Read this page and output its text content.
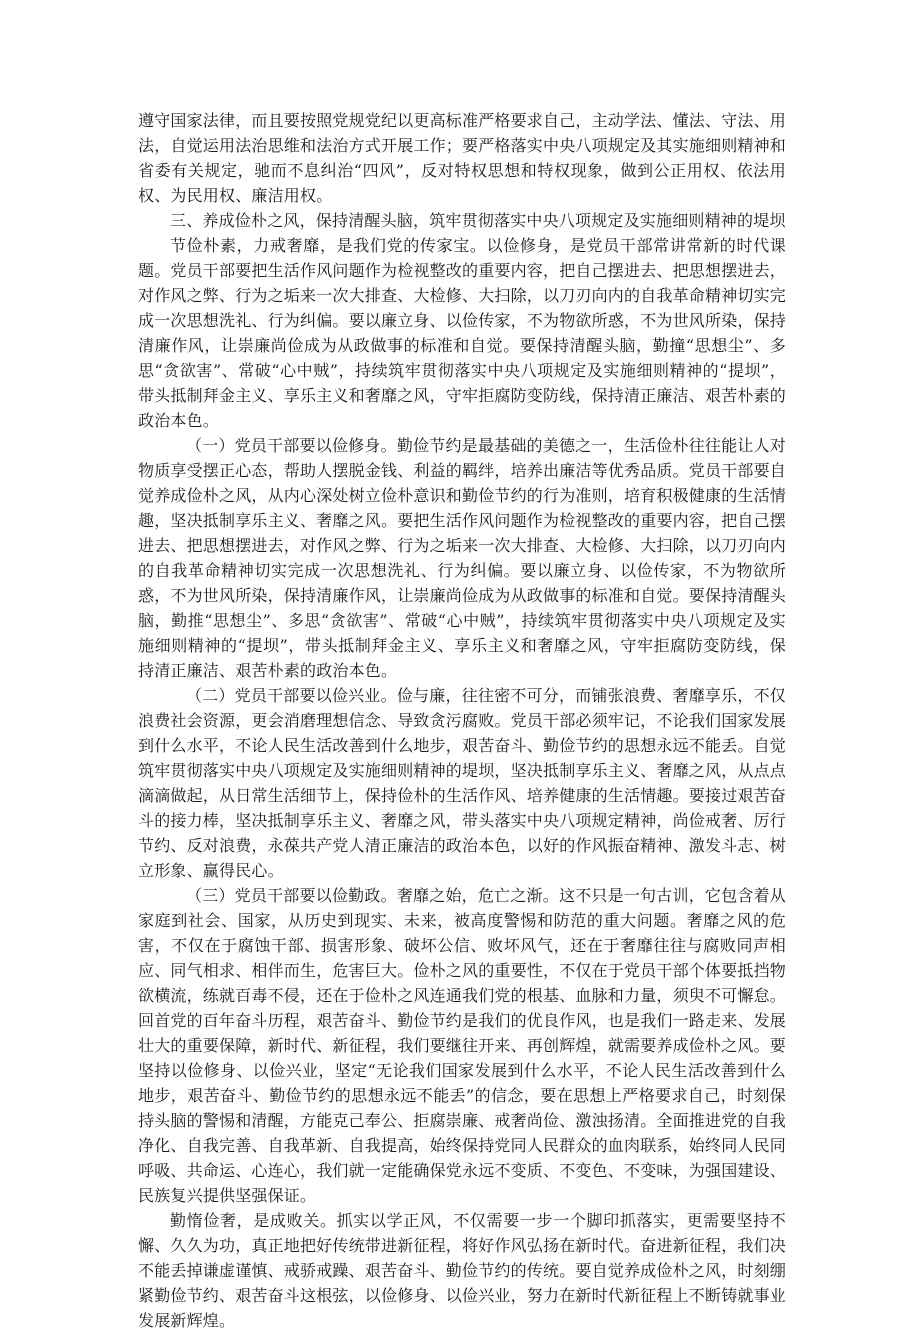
遵守国家法律，而且要按照党规党纪以更高标准严格要求自己，主动学法、懂法、守法、用法，自觉运用法治思维和法治方式开展工作；要严格落实中央八项规定及其实施细则精神和省委有关规定，驰而不息纠治“四风”，反对特权思想和特权现象，做到公正用权、依法用权、为民用权、廉洁用权。

三、养成俭朴之风，保持清醒头脑，筑牢贯彻落实中央八项规定及实施细则精神的堤坝

节俭朴素，力戒奢靡，是我们党的传家宝。以俭修身，是党员干部常讲常新的时代课题。党员干部要把生活作风问题作为检视整改的重要内容，把自己摆进去、把思想摆进去，对作风之弊、行为之垢来一次大排查、大检修、大扫除，以刀刃向内的自我革命精神切实完成一次思想洗礼、行为纠偏。要以廉立身、以俭传家，不为物欲所惑，不为世风所染，保持清廉作风，让崇廉尚俭成为从政做事的标准和自觉。要保持清醒头脑，勤撞“思想尘”、多思“贪欲害”、常破“心中贼”，持续筑牢贯彻落实中央八项规定及实施细则精神的“提坝”，带头抵制拜金主义、享乐主义和奢靡之风，守牢拒腐防变防线，保持清正廉洁、艰苦朴素的政治本色。

（一）党员干部要以俭修身。勤俭节约是最基础的美德之一，生活俭朴往往能让人对物质享受摆正心态，帮助人摆脱金钱、利益的羁绊，培养出廉洁等优秀品质。党员干部要自觉养成俭朴之风，从内心深处树立俭朴意识和勤俭节约的行为准则，培育积极健康的生活情趣，坚决抵制享乐主义、奢靡之风。要把生活作风问题作为检视整改的重要内容，把自己摆进去、把思想摆进去，对作风之弊、行为之垢来一次大排查、大检修、大扫除，以刀刃向内的自我革命精神切实完成一次思想洗礼、行为纠偏。要以廉立身、以俭传家，不为物欲所惑，不为世风所染，保持清廉作风，让崇廉尚俭成为从政做事的标准和自觉。要保持清醒头脑，勤推“思想尘”、多思“贪欲害”、常破“心中贼”，持续筑牢贯彻落实中央八项规定及实施细则精神的“提坝”，带头抵制拜金主义、享乐主义和奢靡之风，守牢拒腐防变防线，保持清正廉洁、艰苦朴素的政治本色。

（二）党员干部要以俭兴业。俭与廉，往往密不可分，而铺张浪费、奢靡享乐，不仅浪费社会资源，更会消磨理想信念、导致贪污腐败。党员干部必须牢记，不论我们国家发展到什么水平，不论人民生活改善到什么地步，艰苦奋斗、勤俭节约的思想永远不能丢。自觉筑牢贯彻落实中央八项规定及实施细则精神的堤坝，坚决抵制享乐主义、奢靡之风，从点点滴滴做起，从日常生活细节上，保持俭朴的生活作风、培养健康的生活情趣。要接过艰苦奋斗的接力棒，坚决抵制享乐主义、奢靡之风，带头落实中央八项规定精神，尚俭戒奢、厉行节约、反对浪费，永葆共产党人清正廉洁的政治本色，以好的作风振奋精神、激发斗志、树立形象、赢得民心。

（三）党员干部要以俭勤政。奢靡之始，危亡之渐。这不只是一句古训，它包含着从家庭到社会、国家，从历史到现实、未来，被高度警惕和防范的重大问题。奢靡之风的危害，不仅在于腐蚀干部、损害形象、破坏公信、败坏风气，还在于奢靡往往与腐败同声相应、同气相求、相伴而生，危害巨大。俭朴之风的重要性，不仅在于党员干部个体要抵挡物欲横流，练就百毒不侵，还在于俭朴之风连通我们党的根基、血脉和力量，须臾不可懈怠。回首党的百年奋斗历程，艰苦奋斗、勤俭节约是我们的优良作风，也是我们一路走来、发展壮大的重要保障，新时代、新征程，我们要继往开来、再创辉煌，就需要养成俭朴之风。要坚持以俭修身、以俭兴业，坚定“无论我们国家发展到什么水平，不论人民生活改善到什么地步，艰苦奋斗、勤俭节约的思想永远不能丢”的信念，要在思想上严格要求自己，时刻保持头脑的警惕和清醒，方能克己奉公、拒腐崇廉、戒奢尚俭、激浊扬清。全面推进党的自我净化、自我完善、自我革新、自我提高，始终保持党同人民群众的血肉联系，始终同人民同呼吸、共命运、心连心，我们就一定能确保党永远不变质、不变色、不变味，为强国建设、民族复兴提供坚强保证。

勤惰俭奢，是成败关。抓实以学正风，不仅需要一步一个脚印抓落实，更需要坚持不懈、久久为功，真正地把好传统带进新征程，将好作风弘扬在新时代。奋进新征程，我们决不能丢掉谦虚谨慎、戒骄戒躁、艰苦奋斗、勤俭节约的传统。要自觉养成俭朴之风，时刻绷紧勤俭节约、艰苦奋斗这根弦，以俭修身、以俭兴业，努力在新时代新征程上不断铸就事业发展新辉煌。
